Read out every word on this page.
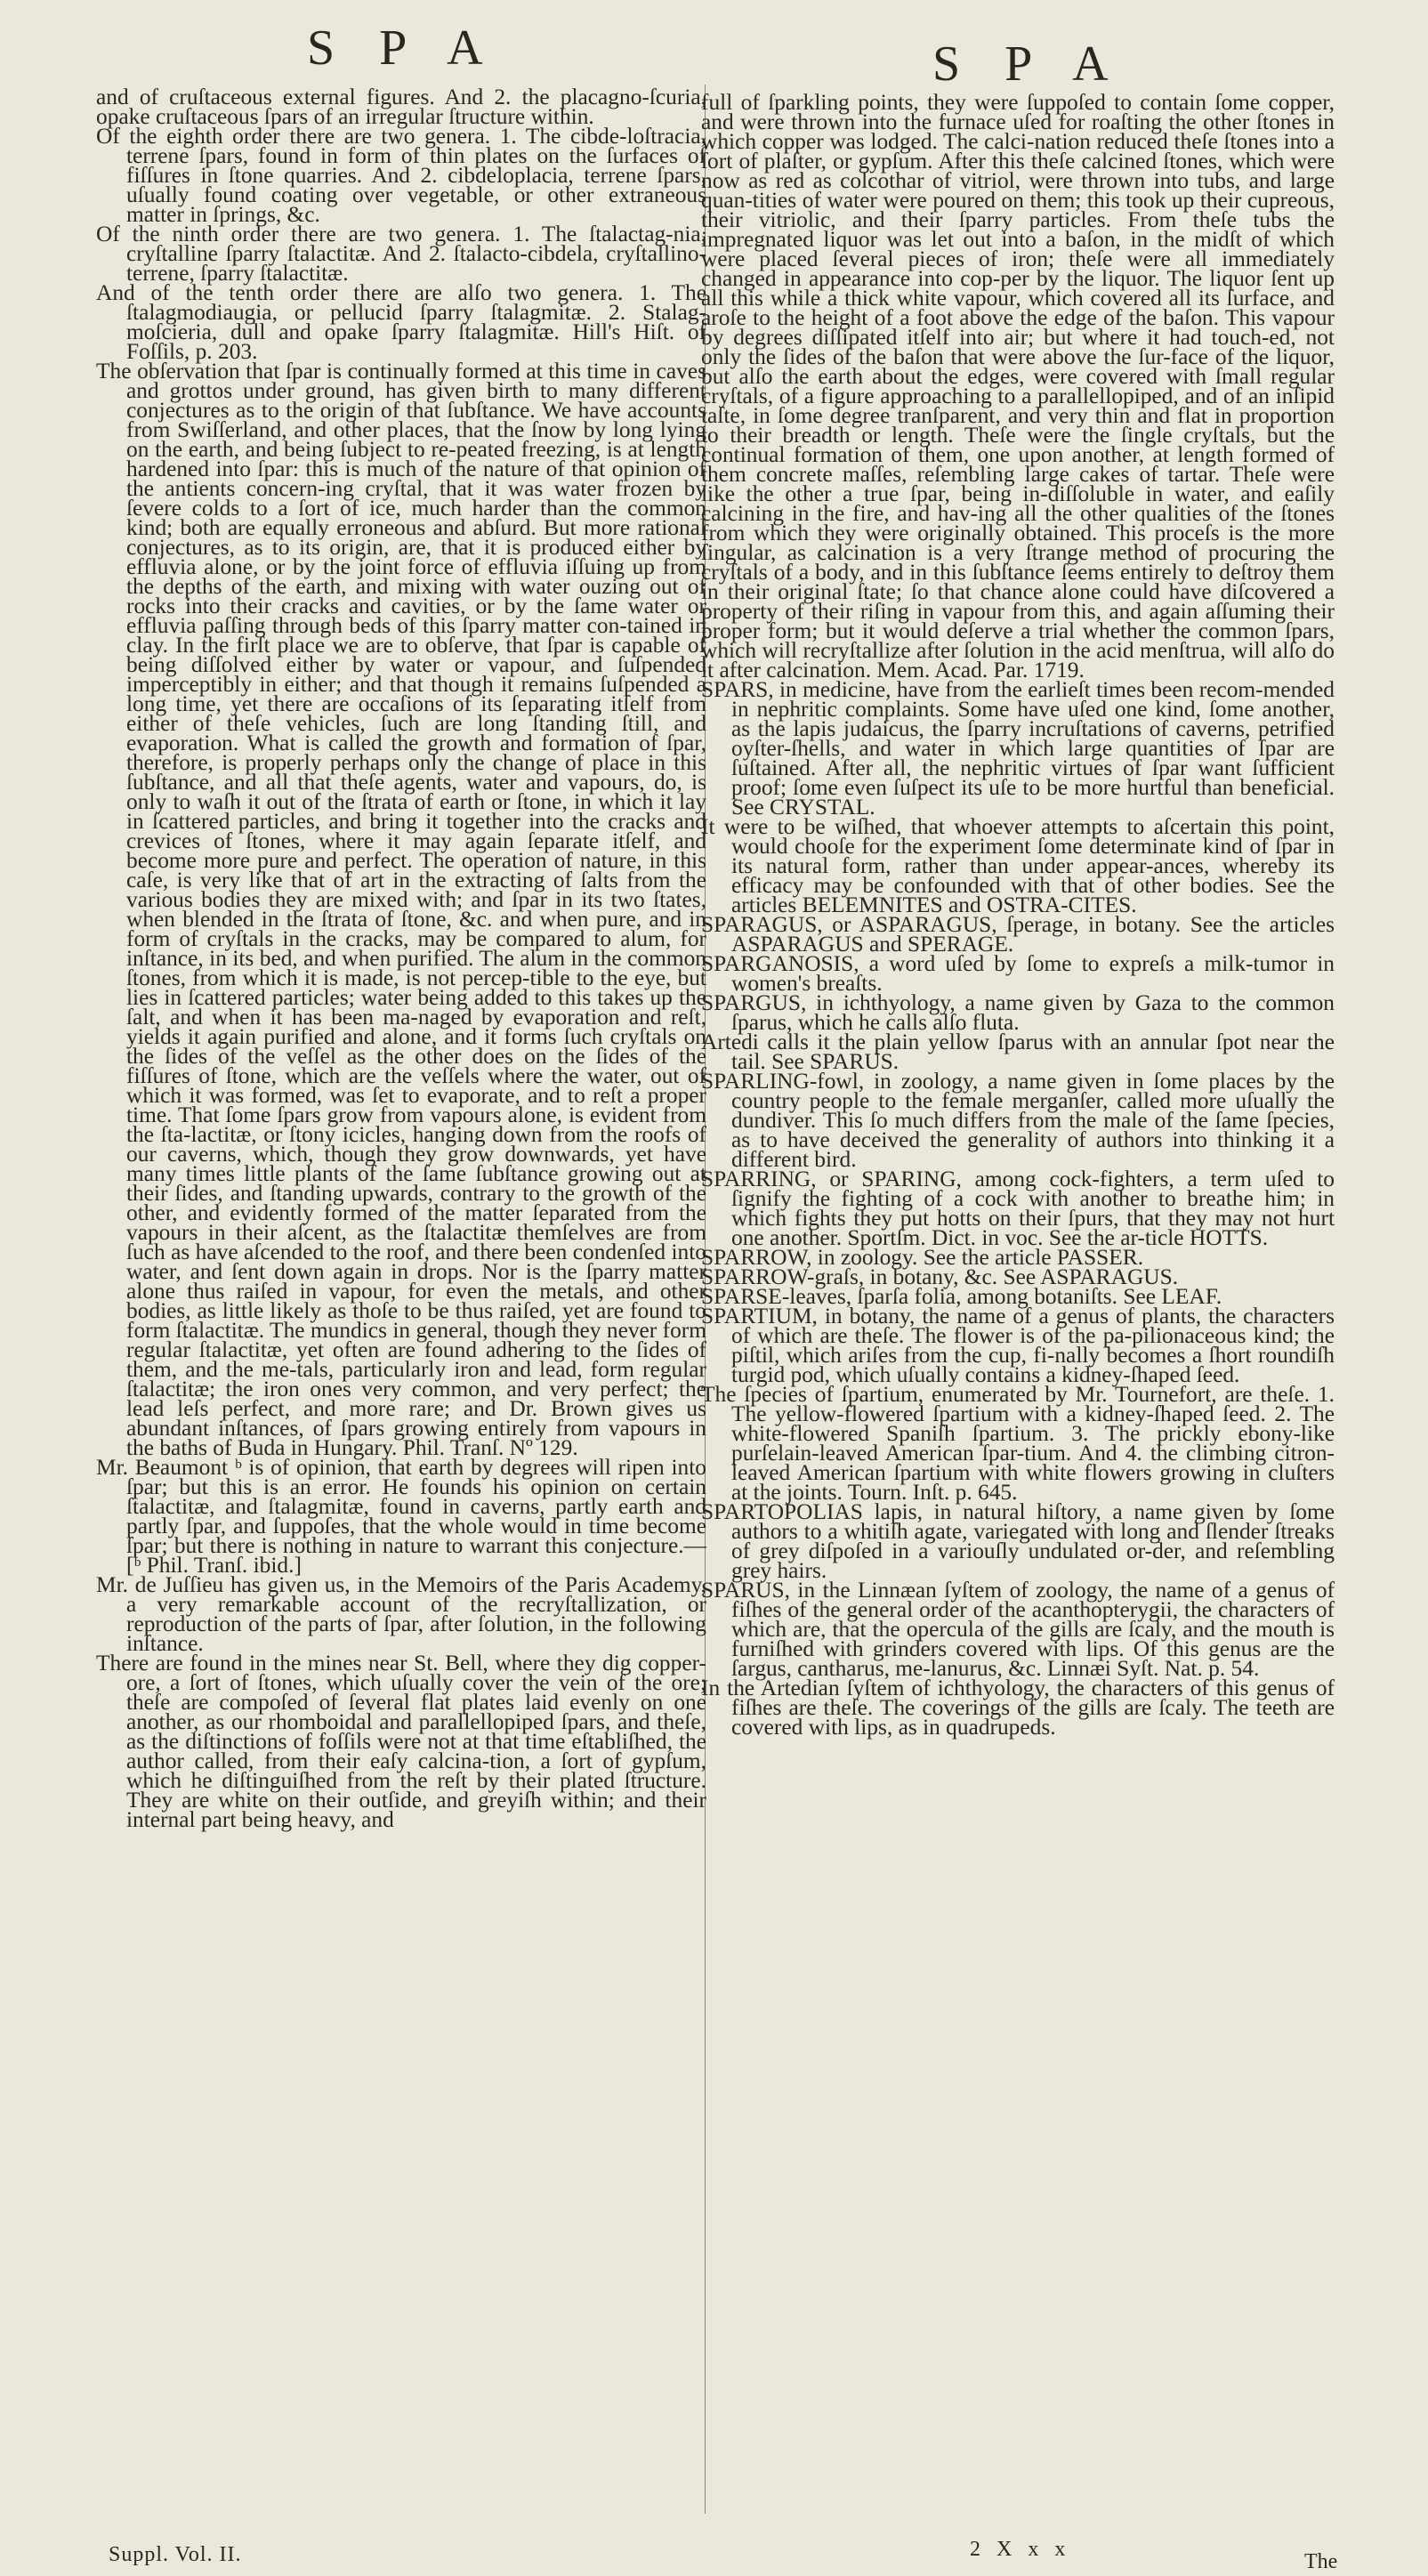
S P A	S P A

and of cruſtaceous external figures. And 2. the placagno-ſcuria, opake cruſtaceous ſpars of an irregular ſtructure within.

Of the eighth order there are two genera. 1. The cibde-loſtracia, terrene ſpars, found in form of thin plates on the ſurfaces of fiſſures in ſtone quarries. And 2. cibdeloplacia, terrene ſpars, uſually found coating over vegetable, or other extraneous matter in ſprings, &c.

Of the ninth order there are two genera. 1. The ſtalactag-nia, cryſtalline ſparry ſtalactitæ. And 2. ſtalacto-cibdela, cryſtallino-terrene, ſparry ſtalactitæ.

And of the tenth order there are alſo two genera. 1. The ſtalagmodiaugia, or pellucid ſparry ſtalagmitæ. 2. Stalag-moſcieria, dull and opake ſparry ſtalagmitæ. Hill's Hiſt. of Foſſils, p. 203.

The obſervation that ſpar is continually formed at this time in caves and grottos under ground, has given birth to many different conjectures as to the origin of that ſubſtance. We have accounts from Swiſſerland, and other places, that the ſnow by long lying on the earth, and being ſubject to re-peated freezing, is at length hardened into ſpar: this is much of the nature of that opinion of the antients concern-ing cryſtal, that it was water frozen by ſevere colds to a ſort of ice, much harder than the common kind; both are equally erroneous and abſurd. But more rational conjectures, as to its origin, are, that it is produced either by effluvia alone, or by the joint force of effluvia iſſuing up from the depths of the earth, and mixing with water ouzing out of rocks into their cracks and cavities, or by the ſame water or effluvia paſſing through beds of this ſparry matter con-tained in clay. In the firſt place we are to obſerve, that ſpar is capable of being diſſolved either by water or vapour, and ſuſpended imperceptibly in either; and that though it remains ſuſpended a long time, yet there are occaſions of its ſeparating itſelf from either of theſe vehicles, ſuch are long ſtanding ſtill, and evaporation. What is called the growth and formation of ſpar, therefore, is properly perhaps only the change of place in this ſubſtance, and all that theſe agents, water and vapours, do, is only to waſh it out of the ſtrata of earth or ſtone, in which it lay in ſcattered particles, and bring it together into the cracks and crevices of ſtones, where it may again ſeparate itſelf, and become more pure and perfect. The operation of nature, in this caſe, is very like that of art in the extracting of ſalts from the various bodies they are mixed with; and ſpar in its two ſtates, when blended in the ſtrata of ſtone, &c. and when pure, and in form of cryſtals in the cracks, may be compared to alum, for inſtance, in its bed, and when purified. The alum in the common ſtones, from which it is made, is not percep-tible to the eye, but lies in ſcattered particles; water being added to this takes up the ſalt, and when it has been ma-naged by evaporation and reſt, yields it again purified and alone, and it forms ſuch cryſtals on the ſides of the veſſel as the other does on the ſides of the fiſſures of ſtone, which are the veſſels where the water, out of which it was formed, was ſet to evaporate, and to reſt a proper time. That ſome ſpars grow from vapours alone, is evident from the ſta-lactitæ, or ſtony icicles, hanging down from the roofs of our caverns, which, though they grow downwards, yet have many times little plants of the ſame ſubſtance growing out at their ſides, and ſtanding upwards, contrary to the growth of the other, and evidently formed of the matter ſeparated from the vapours in their aſcent, as the ſtalactitæ themſelves are from ſuch as have aſcended to the roof, and there been condenſed into water, and ſent down again in drops. Nor is the ſparry matter alone thus raiſed in vapour, for even the metals, and other bodies, as little likely as thoſe to be thus raiſed, yet are found to form ſtalactitæ. The mundics in general, though they never form regular ſtalactitæ, yet often are found adhering to the ſides of them, and the me-tals, particularly iron and lead, form regular ſtalactitæ; the iron ones very common, and very perfect; the lead leſs perfect, and more rare; and Dr. Brown gives us abundant inſtances, of ſpars growing entirely from vapours in the baths of Buda in Hungary. Phil. Tranſ. Nº 129.

Mr. Beaumont ᵇ is of opinion, that earth by degrees will ripen into ſpar; but this is an error. He founds his opinion on certain ſtalactitæ, and ſtalagmitæ, found in caverns, partly earth and partly ſpar, and ſuppoſes, that the whole would in time become ſpar; but there is nothing in nature to warrant this conjecture.—[ᵇ Phil. Tranſ. ibid.]

Mr. de Juſſieu has given us, in the Memoirs of the Paris Academy, a very remarkable account of the recryſtallization, or reproduction of the parts of ſpar, after ſolution, in the following inſtance.

There are found in the mines near St. Bell, where they dig copper-ore, a ſort of ſtones, which uſually cover the vein of the ore; theſe are compoſed of ſeveral flat plates laid evenly on one another, as our rhomboidal and parallellopiped ſpars, and theſe, as the diſtinctions of foſſils were not at that time eſtabliſhed, the author called, from their eaſy calcina-tion, a ſort of gypſum, which he diſtinguiſhed from the reſt by their plated ſtructure. They are white on their outſide, and greyiſh within; and their internal part being heavy, and

full of ſparkling points, they were ſuppoſed to contain ſome copper, and were thrown into the furnace uſed for roaſting the other ſtones in which copper was lodged. The calci-nation reduced theſe ſtones into a ſort of plaſter, or gypſum. After this theſe calcined ſtones, which were now as red as colcothar of vitriol, were thrown into tubs, and large quan-tities of water were poured on them; this took up their cupreous, their vitriolic, and their ſparry particles. From theſe tubs the impregnated liquor was let out into a baſon, in the midſt of which were placed ſeveral pieces of iron; theſe were all immediately changed in appearance into cop-per by the liquor. The liquor ſent up all this while a thick white vapour, which covered all its ſurface, and aroſe to the height of a foot above the edge of the baſon. This vapour by degrees diſſipated itſelf into air; but where it had touch-ed, not only the ſides of the baſon that were above the ſur-face of the liquor, but alſo the earth about the edges, were covered with ſmall regular cryſtals, of a figure approaching to a parallellopiped, and of an inſipid taſte, in ſome degree tranſparent, and very thin and flat in proportion to their breadth or length. Theſe were the ſingle cryſtals, but the continual formation of them, one upon another, at length formed of them concrete maſſes, reſembling large cakes of tartar. Theſe were like the other a true ſpar, being in-diſſoluble in water, and eaſily calcining in the fire, and hav-ing all the other qualities of the ſtones from which they were originally obtained. This proceſs is the more ſingular, as calcination is a very ſtrange method of procuring the cryſtals of a body, and in this ſubſtance ſeems entirely to deſtroy them in their original ſtate; ſo that chance alone could have diſcovered a property of their riſing in vapour from this, and again aſſuming their proper form; but it would deſerve a trial whether the common ſpars, which will recryſtallize after ſolution in the acid menſtrua, will alſo do it after calcination. Mem. Acad. Par. 1719.

SPARS, in medicine, have from the earlieſt times been recom-mended in nephritic complaints. Some have uſed one kind, ſome another, as the lapis judaicus, the ſparry incruſtations of caverns, petrified oyſter-ſhells, and water in which large quantities of ſpar are ſuſtained. After all, the nephritic virtues of ſpar want ſufficient proof; ſome even ſuſpect its uſe to be more hurtful than beneficial. See CRYSTAL.

It were to be wiſhed, that whoever attempts to aſcertain this point, would chooſe for the experiment ſome determinate kind of ſpar in its natural form, rather than under appear-ances, whereby its efficacy may be confounded with that of other bodies. See the articles BELEMNITES and OSTRA-CITES.

SPARAGUS, or ASPARAGUS, ſperage, in botany. See the articles ASPARAGUS and SPERAGE.

SPARGANOSIS, a word uſed by ſome to expreſs a milk-tumor in women's breaſts.

SPARGUS, in ichthyology, a name given by Gaza to the common ſparus, which he calls alſo fluta.

Artedi calls it the plain yellow ſparus with an annular ſpot near the tail. See SPARUS.

SPARLING-fowl, in zoology, a name given in ſome places by the country people to the female merganſer, called more uſually the dundiver. This ſo much differs from the male of the ſame ſpecies, as to have deceived the generality of authors into thinking it a different bird.

SPARRING, or SPARING, among cock-fighters, a term uſed to ſignify the fighting of a cock with another to breathe him; in which fights they put hotts on their ſpurs, that they may not hurt one another. Sportſm. Dict. in voc. See the ar-ticle HOTTS.

SPARROW, in zoology. See the article PASSER.

SPARROW-graſs, in botany, &c. See ASPARAGUS.

SPARSE-leaves, ſparſa folia, among botaniſts. See LEAF.

SPARTIUM, in botany, the name of a genus of plants, the characters of which are theſe. The flower is of the pa-pilionaceous kind; the piſtil, which ariſes from the cup, fi-nally becomes a ſhort roundiſh turgid pod, which uſually contains a kidney-ſhaped ſeed.

The ſpecies of ſpartium, enumerated by Mr. Tournefort, are theſe. 1. The yellow-flowered ſpartium with a kidney-ſhaped ſeed. 2. The white-flowered Spaniſh ſpartium. 3. The prickly ebony-like purſelain-leaved American ſpar-tium. And 4. the climbing citron-leaved American ſpartium with white flowers growing in cluſters at the joints. Tourn. Inſt. p. 645.

SPARTOPOLIAS lapis, in natural hiſtory, a name given by ſome authors to a whitiſh agate, variegated with long and ſlender ſtreaks of grey diſpoſed in a variouſly undulated or-der, and reſembling grey hairs.

SPARUS, in the Linnæan ſyſtem of zoology, the name of a genus of fiſhes of the general order of the acanthopterygii, the characters of which are, that the opercula of the gills are ſcaly, and the mouth is furniſhed with grinders covered with lips. Of this genus are the ſargus, cantharus, me-lanurus, &c. Linnæi Syſt. Nat. p. 54.

In the Artedian ſyſtem of ichthyology, the characters of this genus of fiſhes are theſe. The coverings of the gills are ſcaly. The teeth are covered with lips, as in quadrupeds.

Suppl. Vol. II.	2 X x x
The
